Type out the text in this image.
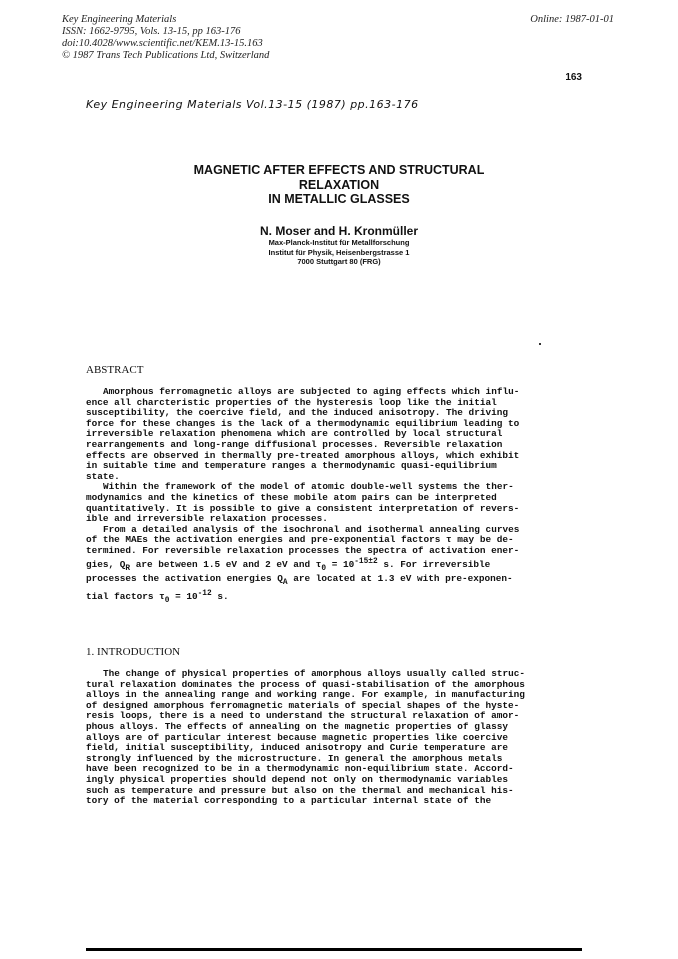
Key Engineering Materials
ISSN: 1662-9795, Vols. 13-15, pp 163-176
doi:10.4028/www.scientific.net/KEM.13-15.163
© 1987 Trans Tech Publications Ltd, Switzerland
Online: 1987-01-01
163
Key Engineering Materials Vol.13-15 (1987) pp.163-176
MAGNETIC AFTER EFFECTS AND STRUCTURAL
RELAXATION
IN METALLIC GLASSES
N. Moser and H. Kronmüller
Max-Planck-Institut für Metallforschung
Institut für Physik, Heisenbergstrasse 1
7000 Stuttgart 80 (FRG)
ABSTRACT

Amorphous ferromagnetic alloys are subjected to aging effects which influ-
ence all charcteristic properties of the hysteresis loop like the initial
susceptibility, the coercive field, and the induced anisotropy. The driving
force for these changes is the lack of a thermodynamic equilibrium leading to
irreversible relaxation phenomena which are controlled by local structural
rearrangements and long-range diffusional processes. Reversible relaxation
effects are observed in thermally pre-treated amorphous alloys, which exhibit
in suitable time and temperature ranges a thermodynamic quasi-equilibrium
state.

Within the framework of the model of atomic double-well systems the ther-
modynamics and the kinetics of these mobile atom pairs can be interpreted
quantitatively. It is possible to give a consistent interpretation of revers-
ible and irreversible relaxation processes.

From a detailed analysis of the isochronal and isothermal annealing curves
of the MAEs the activation energies and pre-exponential factors τ may be de-
termined. For reversible relaxation processes the spectra of activation ener-
gies, $Q_R$ are between 1.5 eV and 2 eV and $\tau_0 = 10^{-15\pm 2}$ s. For irreversible
processes the activation energies $Q_A$ are located at 1.3 eV with pre-exponen-
tial factors $\tau_0 = 10^{-12}$ s.

1. INTRODUCTION
The change of physical properties of amorphous alloys usually called struc-
tural relaxation dominates the process of quasi-stabilisation of the amorphous
alloys in the annealing range and working range. For example, in manufacturing
of designed amorphous ferromagnetic materials of special shapes of the hyste-
resis loops, there is a need to understand the structural relaxation of amor-
phous alloys. The effects of annealing on the magnetic properties of glassy
alloys are of particular interest because magnetic properties like coercive
field, initial susceptibility, induced anisotropy and Curie temperature are
strongly influenced by the microstructure. In general the amorphous metals
have been recognized to be in a thermodynamic non-equilibrium state. Accord-
ingly physical properties should depend not only on thermodynamic variables
such as temperature and pressure but also on the thermal and mechanical his-
tory of the material corresponding to a particular internal state of the
